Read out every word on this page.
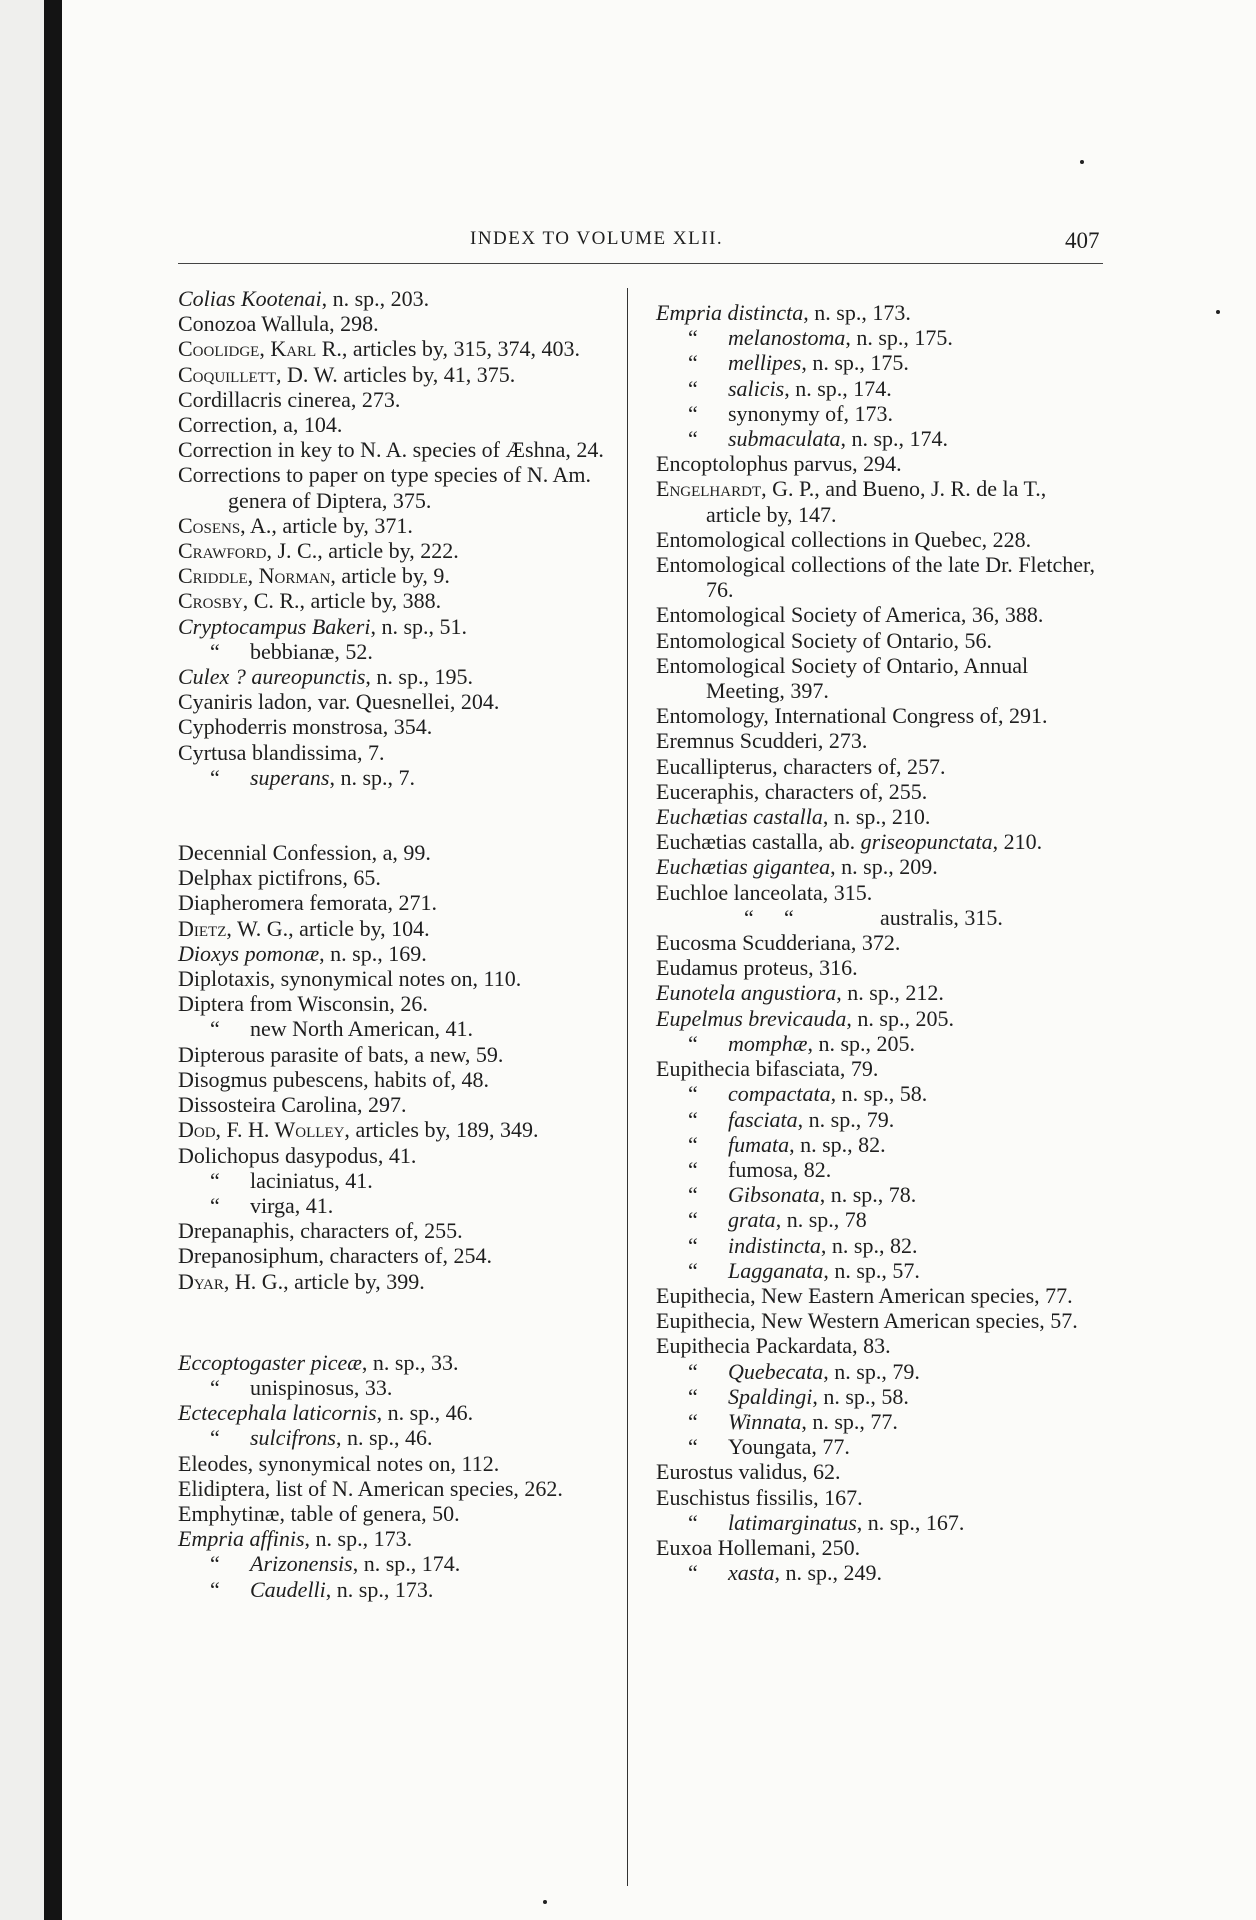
INDEX TO VOLUME XLII.	407
Colias Kootenai, n. sp., 203.
Conozoa Wallula, 298.
Coolidge, Karl R., articles by, 315, 374, 403.
Coquillett, D. W. articles by, 41, 375.
Cordillacris cinerea, 273.
Correction, a, 104.
Correction in key to N. A. species of Æshna, 24.
Corrections to paper on type species of N. Am. genera of Diptera, 375.
Cosens, A., article by, 371.
Crawford, J. C., article by, 222.
Criddle, Norman, article by, 9.
Crosby, C. R., article by, 388.
Cryptocampus Bakeri, n. sp., 51.
“ bebbianæ, 52.
Culex ? aureopunctis, n. sp., 195.
Cyaniris ladon, var. Quesnellei, 204.
Cyphoderris monstrosa, 354.
Cyrtusa blandissima, 7.
“ superans, n. sp., 7.
Decennial Confession, a, 99.
Delphax pictifrons, 65.
Diapheromera femorata, 271.
Dietz, W. G., article by, 104.
Dioxys pomonæ, n. sp., 169.
Diplotaxis, synonymical notes on, 110.
Diptera from Wisconsin, 26.
“ new North American, 41.
Dipterous parasite of bats, a new, 59.
Disogmus pubescens, habits of, 48.
Dissosteira Carolina, 297.
Dod, F. H. Wolley, articles by, 189, 349.
Dolichopus dasypodus, 41.
“ laciniatus, 41.
“ virga, 41.
Drepanaphis, characters of, 255.
Drepanosiphum, characters of, 254.
Dyar, H. G., article by, 399.
Eccoptogaster piceæ, n. sp., 33.
“ unispinosus, 33.
Ectecephala laticornis, n. sp., 46.
“ sulcifrons, n. sp., 46.
Eleodes, synonymical notes on, 112.
Elidiptera, list of N. American species, 262.
Emphytinæ, table of genera, 50.
Empria affinis, n. sp., 173.
“ Arizonensis, n. sp., 174.
“ Caudelli, n. sp., 173.
Empria distincta, n. sp., 173.
“ melanostoma, n. sp., 175.
“ mellipes, n. sp., 175.
“ salicis, n. sp., 174.
“ synonymy of, 173.
“ submaculata, n. sp., 174.
Encoptolophus parvus, 294.
Engelhardt, G. P., and Bueno, J. R. de la T., article by, 147.
Entomological collections in Quebec, 228.
Entomological collections of the late Dr. Fletcher, 76.
Entomological Society of America, 36, 388.
Entomological Society of Ontario, 56.
Entomological Society of Ontario, Annual Meeting, 397.
Entomology, International Congress of, 291.
Eremnus Scudderi, 273.
Eucallipterus, characters of, 257.
Euceraphis, characters of, 255.
Euchætias castalla, n. sp., 210.
Euchætias castalla, ab. griseopunctata, 210.
Euchætias gigantea, n. sp., 209.
Euchloe lanceolata, 315.
“ “	australis, 315.
Eucosma Scudderiana, 372.
Eudamus proteus, 316.
Eunotela angustiora, n. sp., 212.
Eupelmus brevicauda, n. sp., 205.
“ momphæ, n. sp., 205.
Eupithecia bifasciata, 79.
“ compactata, n. sp., 58.
“ fasciata, n. sp., 79.
“ fumata, n. sp., 82.
“ fumosa, 82.
“ Gibsonata, n. sp., 78.
“ grata, n. sp., 78
“ indistincta, n. sp., 82.
“ Lagganata, n. sp., 57.
Eupithecia, New Eastern American species, 77.
Eupithecia, New Western American species, 57.
Eupithecia Packardata, 83.
“ Quebecata, n. sp., 79.
“ Spaldingi, n. sp., 58.
“ Winnata, n. sp., 77.
“ Youngata, 77.
Eurostus validus, 62.
Euschistus fissilis, 167.
“ latimarginatus, n. sp., 167.
Euxoa Hollemani, 250.
“ xasta, n. sp., 249.
